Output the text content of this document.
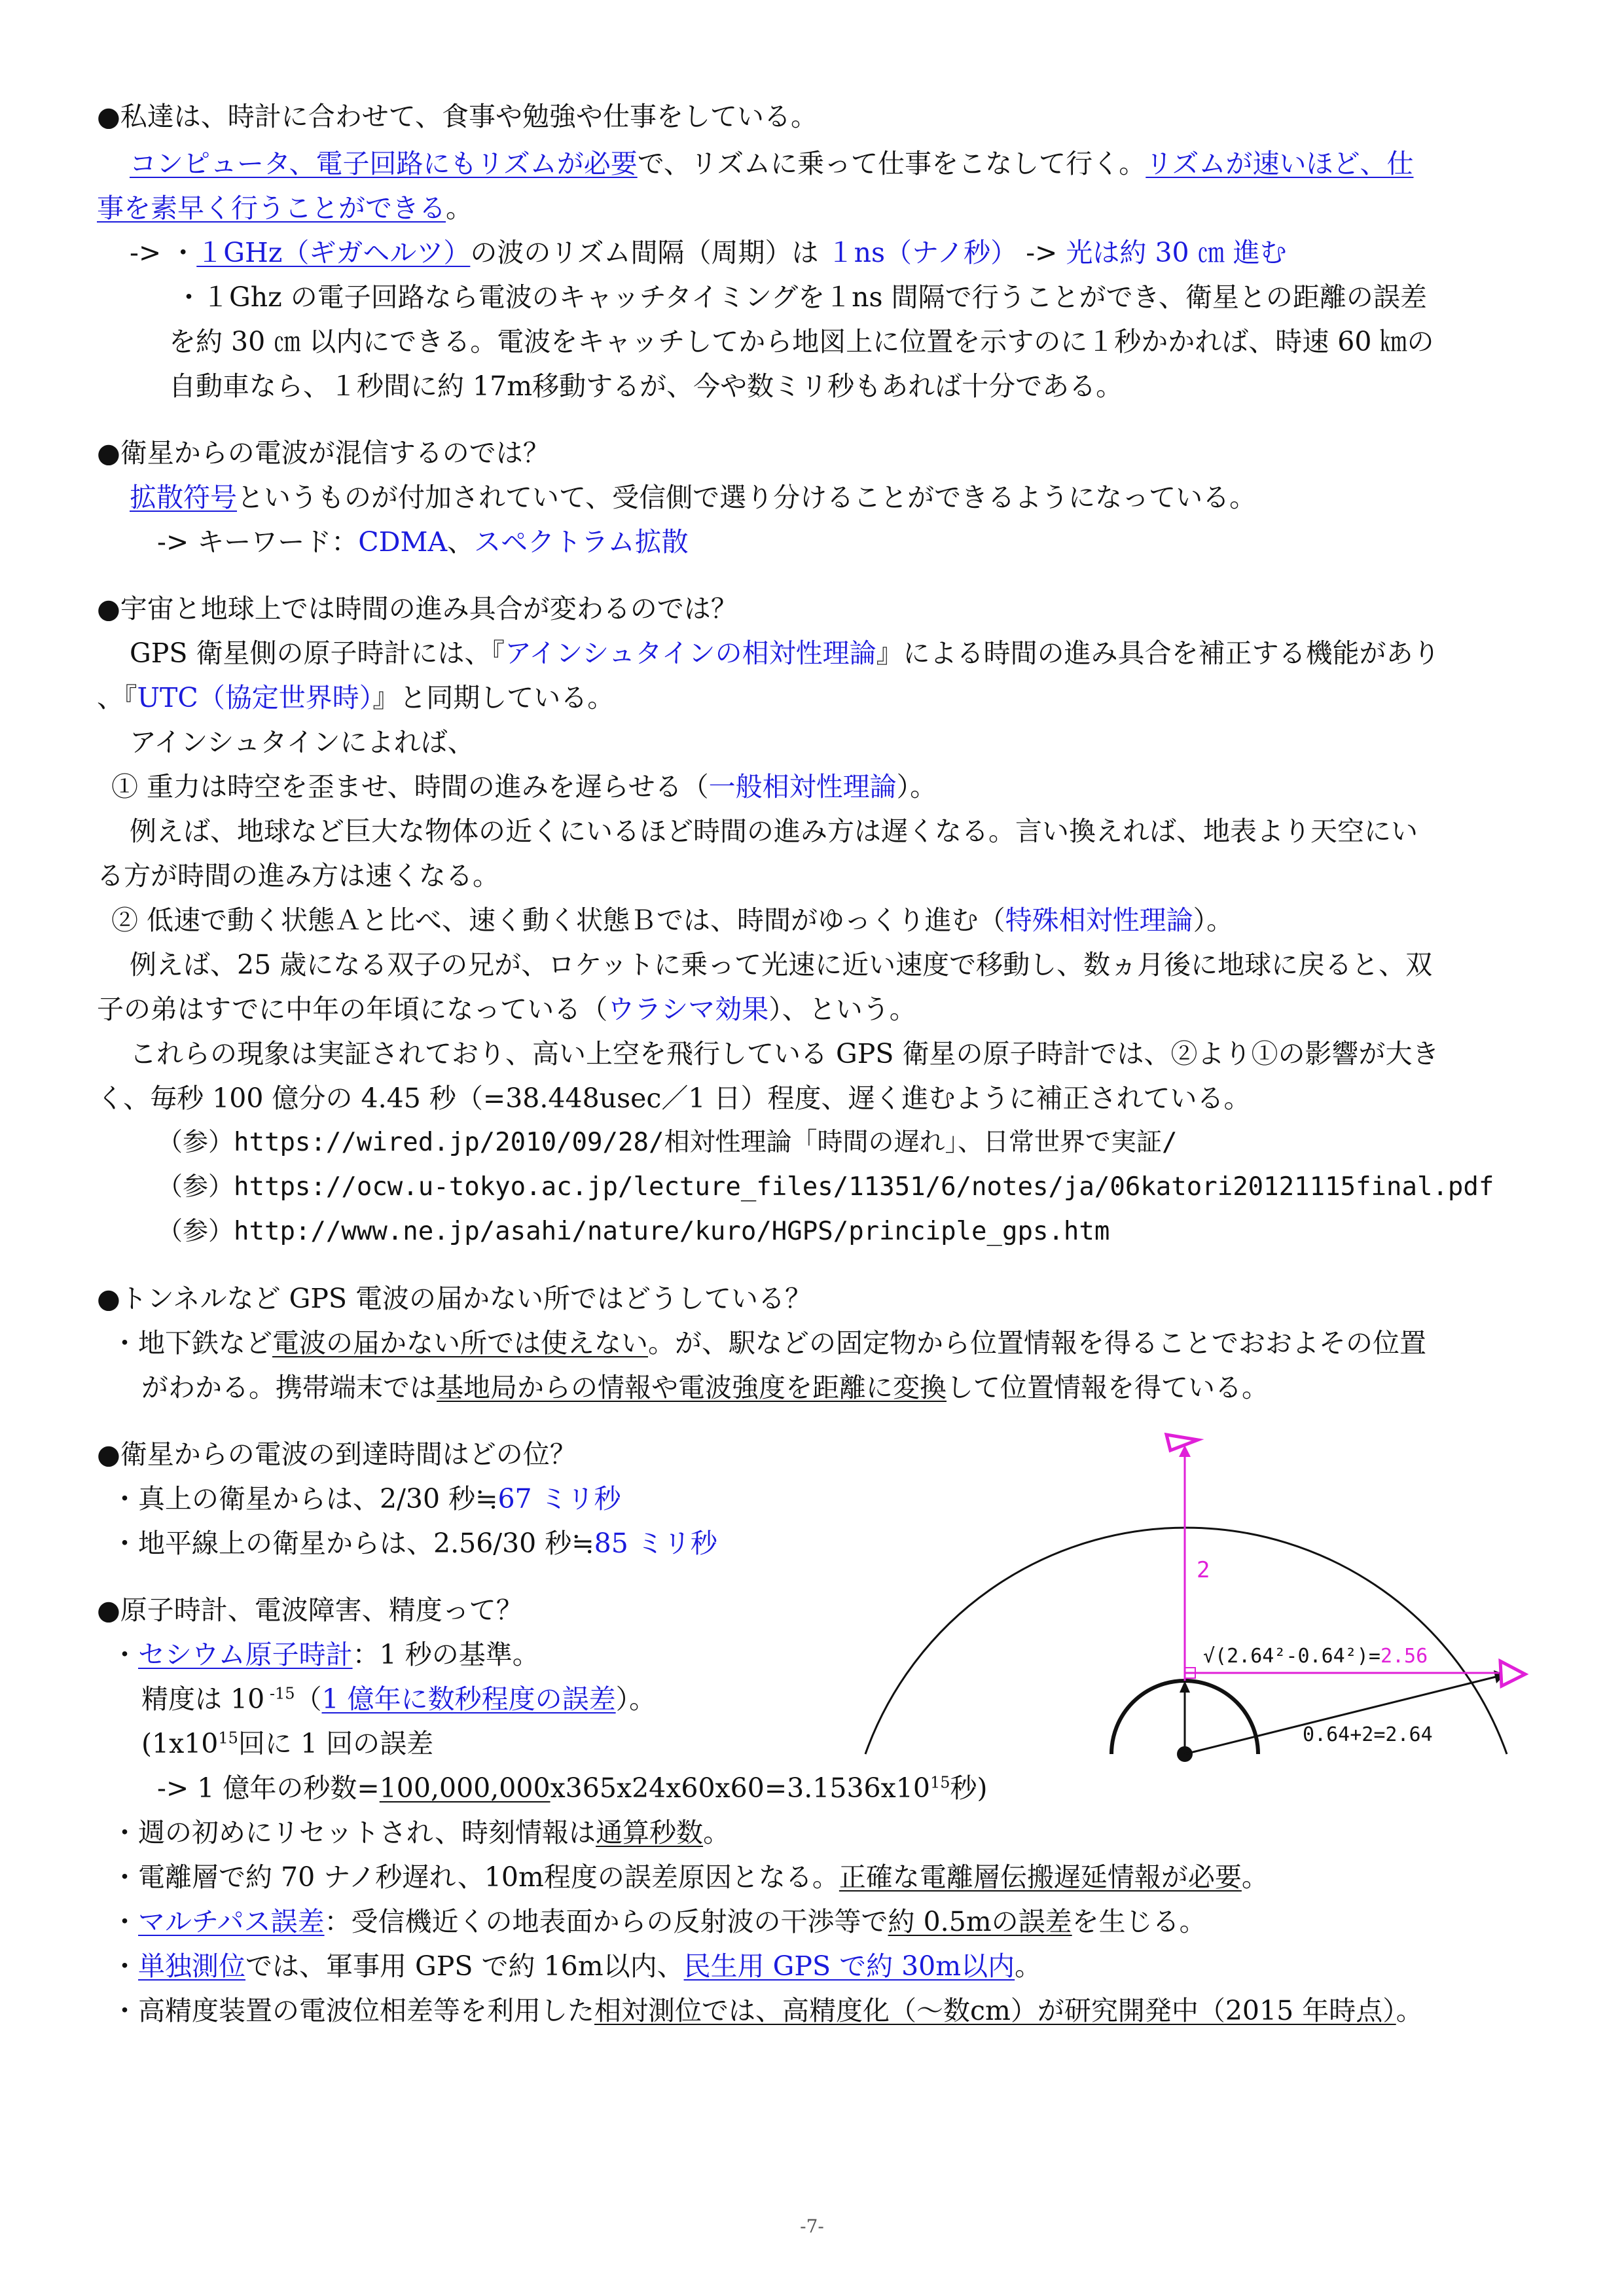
●私達は、時計に合わせて、食事や勉強や仕事をしている。
コンピュータ、電子回路にもリズムが必要で、リズムに乗って仕事をこなして行く。リズムが速いほど、仕
事を素早く行うことができる。
-> ・１GHz（ギガヘルツ）の波のリズム間隔（周期）は １ns（ナノ秒） -> 光は約 30 ㎝ 進む
・１Ghz の電子回路なら電波のキャッチタイミングを１ns 間隔で行うことができ、衛星との距離の誤差
を約 30 ㎝ 以内にできる。電波をキャッチしてから地図上に位置を示すのに１秒かかれば、時速 60 ㎞の
自動車なら、１秒間に約 17m移動するが、今や数ミリ秒もあれば十分である。
●衛星からの電波が混信するのでは？
拡散符号というものが付加されていて、受信側で選り分けることができるようになっている。
-> キーワード：CDMA、スペクトラム拡散
●宇宙と地球上では時間の進み具合が変わるのでは？
GPS 衛星側の原子時計には、『アインシュタインの相対性理論』による時間の進み具合を補正する機能があり
、『UTC（協定世界時）』と同期している。
アインシュタインによれば、
① 重力は時空を歪ませ、時間の進みを遅らせる（一般相対性理論）。
例えば、地球など巨大な物体の近くにいるほど時間の進み方は遅くなる。言い換えれば、地表より天空にい
る方が時間の進み方は速くなる。
② 低速で動く状態Ａと比べ、速く動く状態Ｂでは、時間がゆっくり進む（特殊相対性理論）。
例えば、25 歳になる双子の兄が、ロケットに乗って光速に近い速度で移動し、数ヵ月後に地球に戻ると、双
子の弟はすでに中年の年頃になっている（ウラシマ効果）、という。
これらの現象は実証されており、高い上空を飛行している GPS 衛星の原子時計では、②より①の影響が大き
く、毎秒 100 億分の 4.45 秒（=38.448usec／1 日）程度、遅く進むように補正されている。
（参）https://wired.jp/2010/09/28/相対性理論「時間の遅れ」、日常世界で実証/
（参）https://ocw.u-tokyo.ac.jp/lecture_files/11351/6/notes/ja/06katori20121115final.pdf
（参）http://www.ne.jp/asahi/nature/kuro/HGPS/principle_gps.htm
●トンネルなど GPS 電波の届かない所ではどうしている？
・地下鉄など電波の届かない所では使えない。が、駅などの固定物から位置情報を得ることでおおよその位置
がわかる。携帯端末では基地局からの情報や電波強度を距離に変換して位置情報を得ている。
●衛星からの電波の到達時間はどの位？
・真上の衛星からは、2/30 秒≒67 ミリ秒
・地平線上の衛星からは、2.56/30 秒≒85 ミリ秒
●原子時計、電波障害、精度って？
・セシウム原子時計：1 秒の基準。
精度は 10 $^{-15}$（1 億年に数秒程度の誤差）。
($1x10^{15}$回に 1 回の誤差
-> 1 億年の秒数$=100,000,000x365x24x60x60=3.1536x10^{15}$秒)
・週の初めにリセットされ、時刻情報は通算秒数。
・電離層で約 70 ナノ秒遅れ、10m程度の誤差原因となる。正確な電離層伝搬遅延情報が必要。
・マルチパス誤差：受信機近くの地表面からの反射波の干渉等で約 0.5mの誤差を生じる。
・単独測位では、軍事用 GPS で約 16m以内、民生用 GPS で約 30m以内。
・高精度装置の電波位相差等を利用した相対測位では、高精度化（～数cm）が研究開発中（2015 年時点）。
2
√(2.64²-0.64²)=2.56
0.64+2=2.64
-7-
